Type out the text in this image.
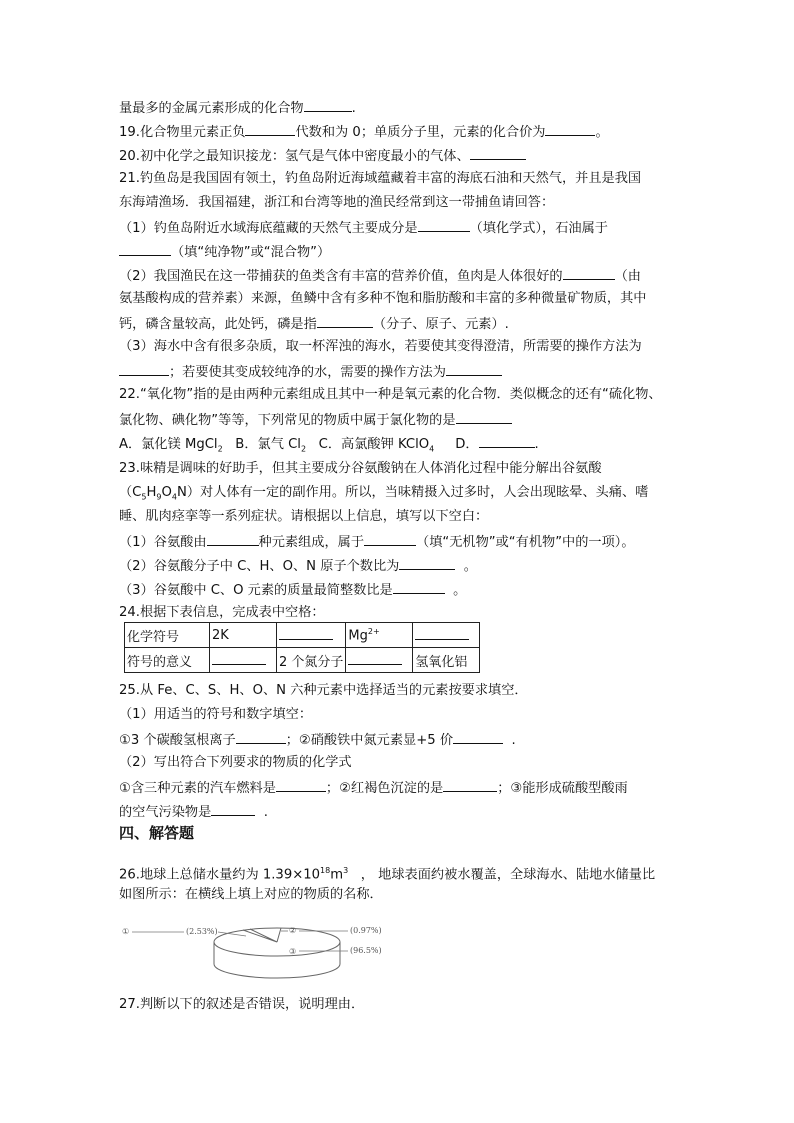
量最多的金属元素形成的化合物	.
19.化合物里元素正负	代数和为 0；单质分子里，元素的化合价为	。
20.初中化学之最知识接龙：氢气是气体中密度最小的气体、
21.钓鱼岛是我国固有领土，钓鱼岛附近海域蕴藏着丰富的海底石油和天然气，并且是我国
东海靖渔场．我国福建，浙江和台湾等地的渔民经常到这一带捕鱼请回答：
（1）钓鱼岛附近水域海底蕴藏的天然气主要成分是	（填化学式），石油属于
（填“纯净物”或“混合物”）
（2）我国渔民在这一带捕获的鱼类含有丰富的营养价值，鱼肉是人体很好的	（由
氨基酸构成的营养素）来源，鱼鳞中含有多种不饱和脂肪酸和丰富的多种微量矿物质，其中
钙，磷含量较高，此处钙，磷是指	（分子、原子、元素）.
（3）海水中含有很多杂质，取一杯浑浊的海水，若要使其变得澄清，所需要的操作方法为
；若要使其变成较纯净的水，需要的操作方法为
22.“氧化物”指的是由两种元素组成且其中一种是氧元素的化合物．类似概念的还有“硫化物、
氯化物、碘化物”等等，下列常见的物质中属于氯化物的是
A．氯化镁 MgCl$_2$ B．氯气 $Cl_2$ C．高氯酸钾 KClO$_4$ D．	.
23.味精是调味的好助手，但其主要成分谷氨酸钠在人体消化过程中能分解出谷氨酸
$(C_5H_9O_4N)$对人体有一定的副作用。所以，当味精摄入过多时，人会出现眩晕、头痛、嗜
睡、肌肉痉挛等一系列症状。请根据以上信息，填写以下空白：
（1）谷氨酸由	种元素组成，属于	（填“无机物”或“有机物”中的一项）。
（2）谷氨酸分子中 C、H、O、N 原子个数比为	。
（3）谷氨酸中 C、O 元素的质量最简整数比是	。
24.根据下表信息，完成表中空格：
化学符号	2K		$Mg^{2+}$	
符号的意义		2 个氮分子		氢氧化铝
25.从 Fe、C、S、H、O、N 六种元素中选择适当的元素按要求填空．
（1）用适当的符号和数字填空：
①3 个碳酸氢根离子	；②硝酸铁中氮元素显+5 价	.
（2）写出符合下列要求的物质的化学式
①含三种元素的汽车燃料是	；②红褐色沉淀的是	；③能形成硫酸型酸雨
的空气污染物是	.
四、解答题
26.地球上总储水量约为 $1.39\times 10^{18}m^3$ ， 地球表面约被水覆盖，全球海水、陆地水储量比
如图所示：在横线上填上对应的物质的名称．
①	(2.53%)	②	(0.97%)
③	(96.5%)
27.判断以下的叙述是否错误，说明理由．
